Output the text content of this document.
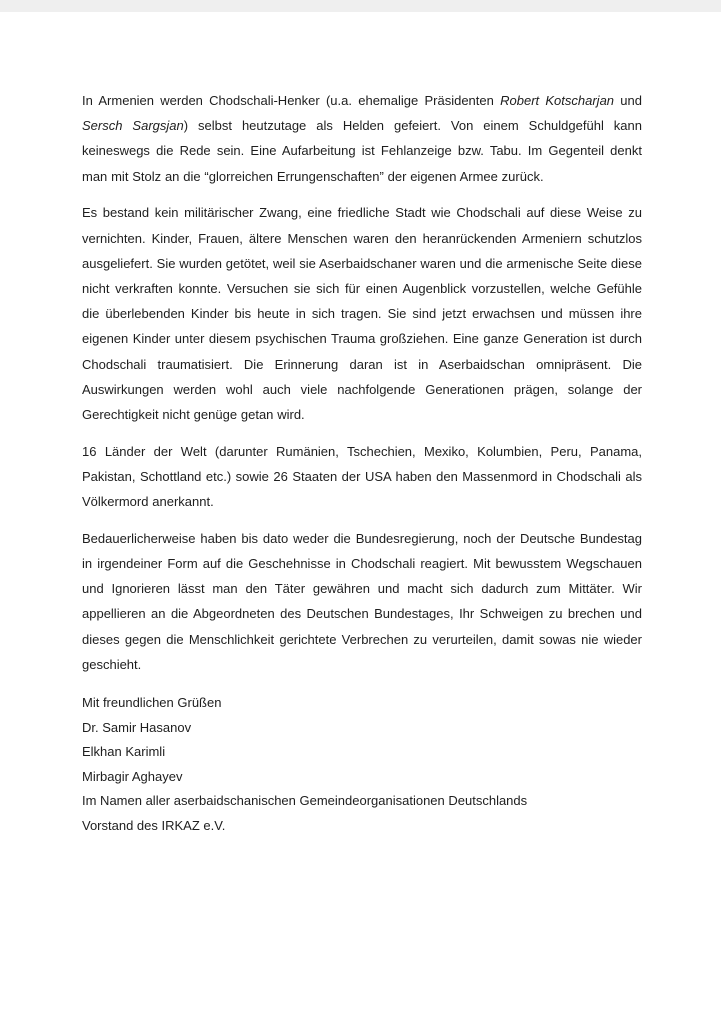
In Armenien werden Chodschali-Henker (u.a. ehemalige Präsidenten Robert Kotscharjan und Sersch Sargsjan) selbst heutzutage als Helden gefeiert. Von einem Schuldgefühl kann keineswegs die Rede sein. Eine Aufarbeitung ist Fehlanzeige bzw. Tabu. Im Gegenteil denkt man mit Stolz an die “glorreichen Errungenschaften” der eigenen Armee zurück.

Es bestand kein militärischer Zwang, eine friedliche Stadt wie Chodschali auf diese Weise zu vernichten. Kinder, Frauen, ältere Menschen waren den heranrückenden Armeniern schutzlos ausgeliefert. Sie wurden getötet, weil sie Aserbaidschaner waren und die armenische Seite diese nicht verkraften konnte. Versuchen sie sich für einen Augenblick vorzustellen, welche Gefühle die überlebenden Kinder bis heute in sich tragen. Sie sind jetzt erwachsen und müssen ihre eigenen Kinder unter diesem psychischen Trauma großziehen. Eine ganze Generation ist durch Chodschali traumatisiert. Die Erinnerung daran ist in Aserbaidschan omnipräsent. Die Auswirkungen werden wohl auch viele nachfolgende Generationen prägen, solange der Gerechtigkeit nicht genüge getan wird.

16 Länder der Welt (darunter Rumänien, Tschechien, Mexiko, Kolumbien, Peru, Panama, Pakistan, Schottland etc.) sowie 26 Staaten der USA haben den Massenmord in Chodschali als Völkermord anerkannt.

Bedauerlicherweise haben bis dato weder die Bundesregierung, noch der Deutsche Bundestag in irgendeiner Form auf die Geschehnisse in Chodschali reagiert. Mit bewusstem Wegschauen und Ignorieren lässt man den Täter gewähren und macht sich dadurch zum Mittäter. Wir appellieren an die Abgeordneten des Deutschen Bundestages, Ihr Schweigen zu brechen und dieses gegen die Menschlichkeit gerichtete Verbrechen zu verurteilen, damit sowas nie wieder geschieht.

Mit freundlichen Grüßen
Dr. Samir Hasanov
Elkhan Karimli
Mirbagir Aghayev
Im Namen aller aserbaidschanischen Gemeindeorganisationen Deutschlands
Vorstand des IRKAZ e.V.
